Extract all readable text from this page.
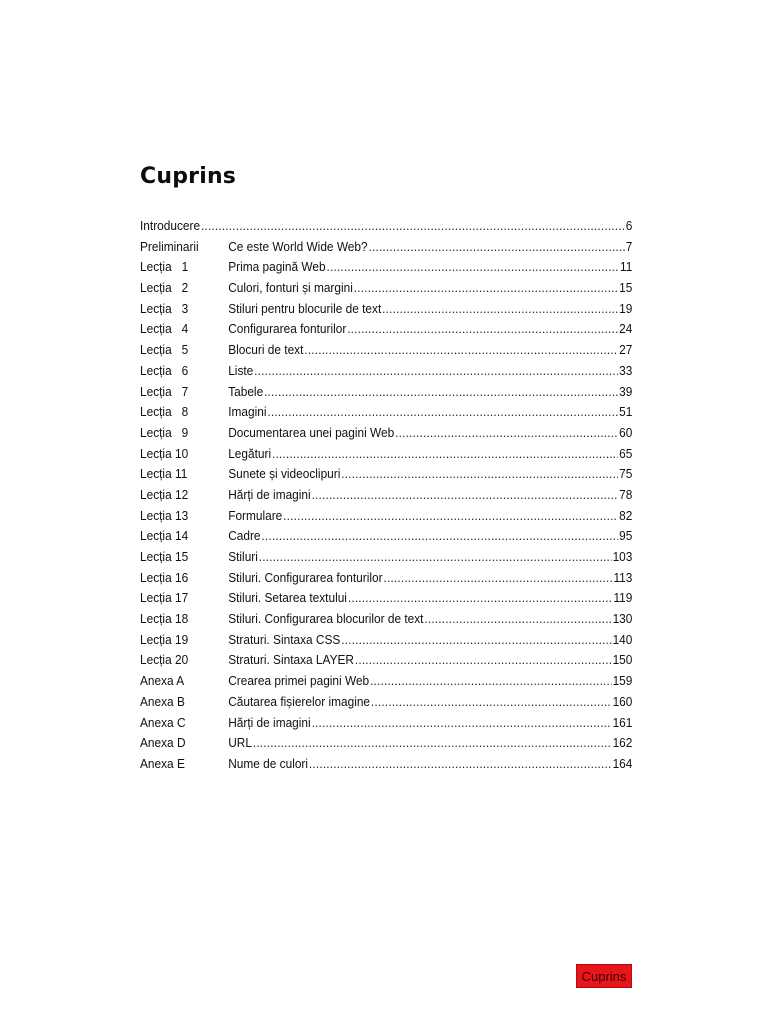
Cuprins
Introducere .....	6
Preliminarii	Ce este World Wide Web? .....	7
Lecția   1	Prima pagină Web .....	11
Lecția   2	Culori, fonturi și margini .....	15
Lecția   3	Stiluri pentru blocurile de text .....	19
Lecția   4	Configurarea fonturilor .....	24
Lecția   5	Blocuri de text .....	27
Lecția   6	Liste .....	33
Lecția   7	Tabele .....	39
Lecția   8	Imagini .....	51
Lecția   9	Documentarea unei pagini Web .....	60
Lecția 10	Legături .....	65
Lecția 11	Sunete și videoclipuri .....	75
Lecția 12	Hărți de imagini .....	78
Lecția 13	Formulare .....	82
Lecția 14	Cadre .....	95
Lecția 15	Stiluri .....	103
Lecția 16	Stiluri. Configurarea fonturilor .....	113
Lecția 17	Stiluri. Setarea textului .....	119
Lecția 18	Stiluri. Configurarea blocurilor de text .....	130
Lecția 19	Straturi. Sintaxa CSS .....	140
Lecția 20	Straturi. Sintaxa LAYER .....	150
Anexa A	Crearea primei pagini Web .....	159
Anexa B	Căutarea fișierelor imagine .....	160
Anexa C	Hărți de imagini .....	161
Anexa D	URL .....	162
Anexa E	Nume de culori .....	164
Cuprins
